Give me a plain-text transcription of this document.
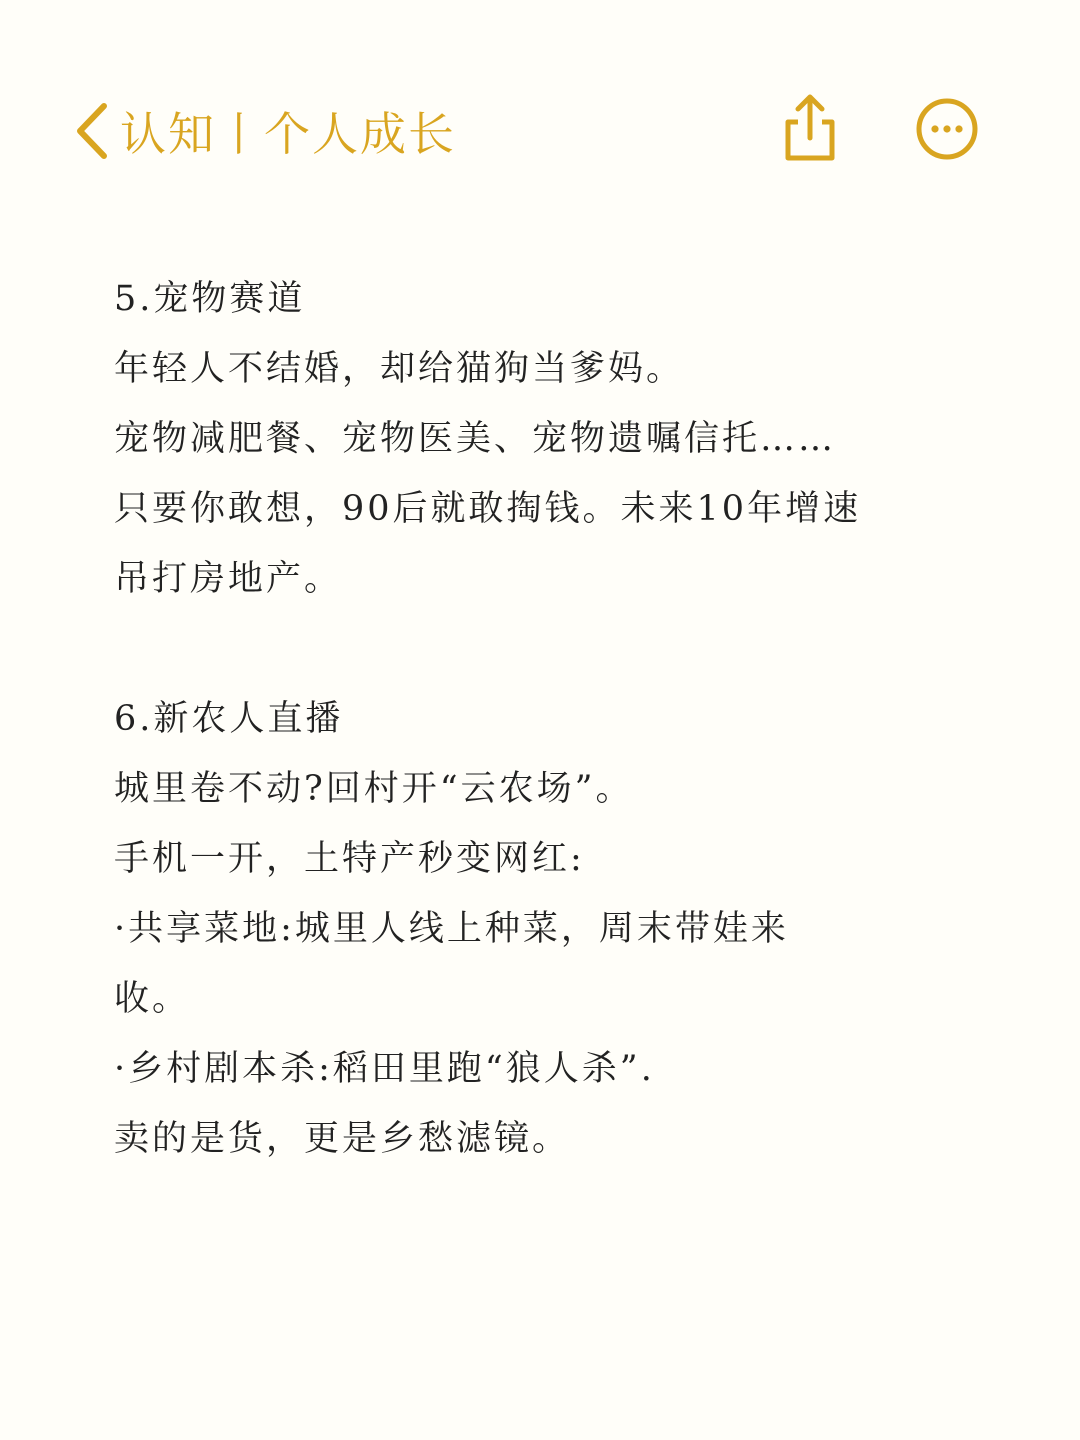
认知丨个人成长
5.宠物赛道
年轻人不结婚，却给猫狗当爹妈。
宠物减肥餐、宠物医美、宠物遗嘱信托……
只要你敢想，90后就敢掏钱。未来10年增速
吊打房地产。
6.新农人直播
城里卷不动?回村开“云农场”。
手机一开，土特产秒变网红:
·共享菜地:城里人线上种菜，周末带娃来
收。
·乡村剧本杀:稻田里跑“狼人杀”.
卖的是货，更是乡愁滤镜。
